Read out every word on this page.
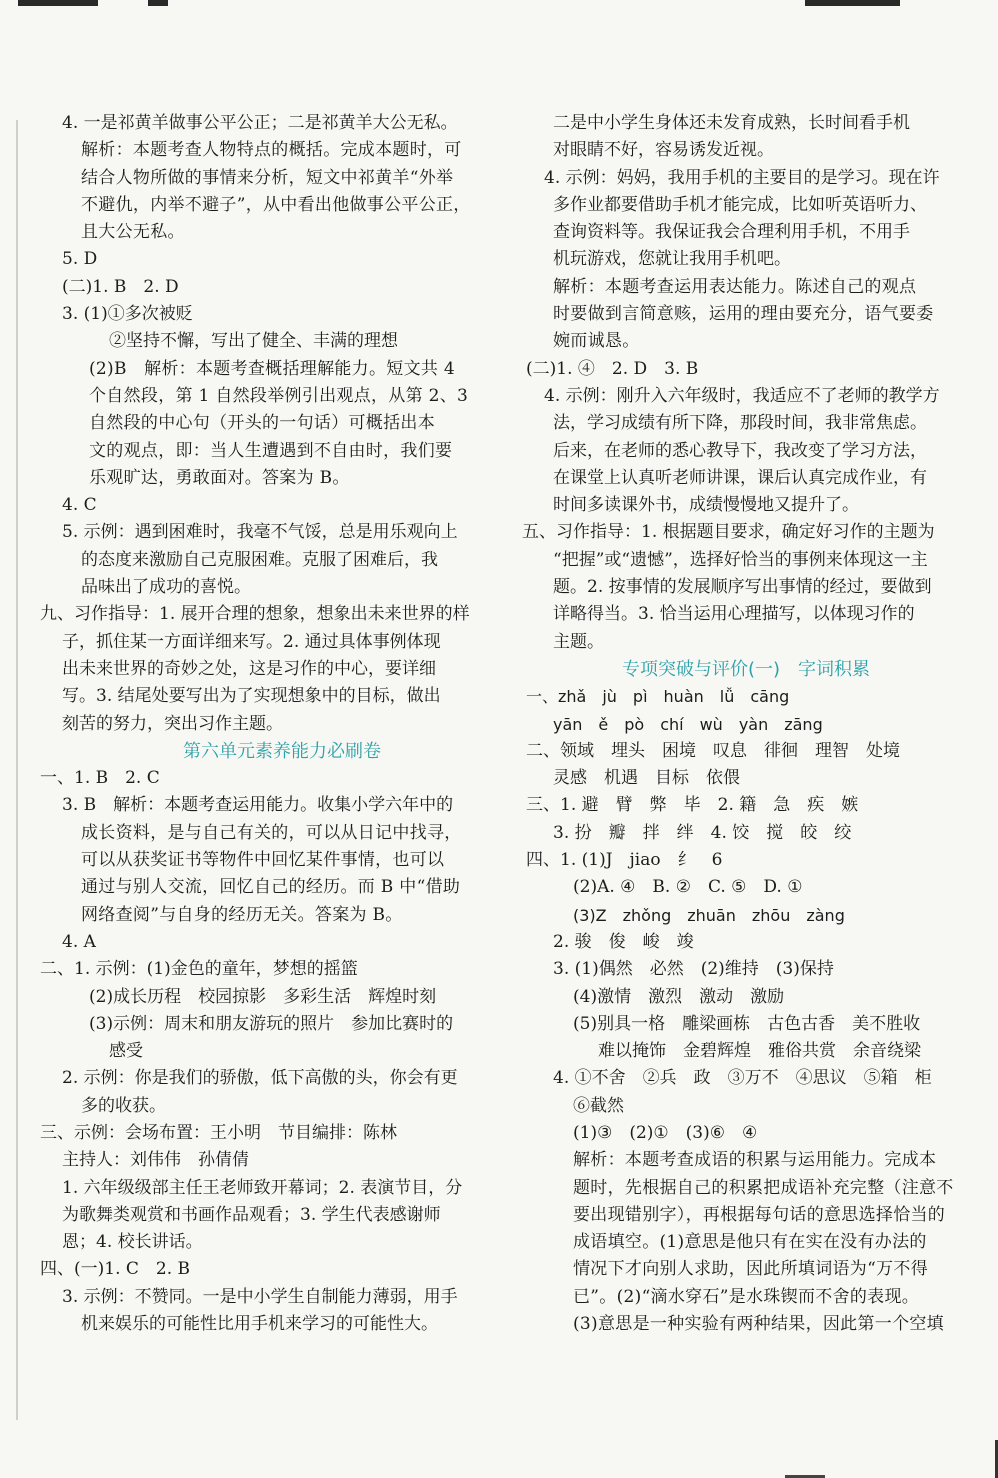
4. 一是祁黄羊做事公平公正；二是祁黄羊大公无私。
解析：本题考查人物特点的概括。完成本题时，可
结合人物所做的事情来分析，短文中祁黄羊“外举
不避仇，内举不避子”，从中看出他做事公平公正，
且大公无私。
5. D
(二)1. B　2. D
3. (1)①多次被贬
②坚持不懈，写出了健全、丰满的理想
(2)B　解析：本题考查概括理解能力。短文共 4
个自然段，第 1 自然段举例引出观点，从第 2、3
自然段的中心句（开头的一句话）可概括出本
文的观点，即：当人生遭遇到不自由时，我们要
乐观旷达，勇敢面对。答案为 B。
4. C
5. 示例：遇到困难时，我毫不气馁，总是用乐观向上
的态度来激励自己克服困难。克服了困难后，我
品味出了成功的喜悦。
九、习作指导：1. 展开合理的想象，想象出未来世界的样
子，抓住某一方面详细来写。2. 通过具体事例体现
出未来世界的奇妙之处，这是习作的中心，要详细
写。3. 结尾处要写出为了实现想象中的目标，做出
刻苦的努力，突出习作主题。
第六单元素养能力必刷卷
一、1. B　2. C
3. B　解析：本题考查运用能力。收集小学六年中的
成长资料，是与自己有关的，可以从日记中找寻，
可以从获奖证书等物件中回忆某件事情，也可以
通过与别人交流，回忆自己的经历。而 B 中“借助
网络查阅”与自身的经历无关。答案为 B。
4. A
二、1. 示例：(1)金色的童年，梦想的摇篮
(2)成长历程　校园掠影　多彩生活　辉煌时刻
(3)示例：周末和朋友游玩的照片　参加比赛时的
感受
2. 示例：你是我们的骄傲，低下高傲的头，你会有更
多的收获。
三、示例：会场布置：王小明　节目编排：陈林
主持人：刘伟伟　孙倩倩
1. 六年级级部主任王老师致开幕词；2. 表演节目，分
为歌舞类观赏和书画作品观看；3. 学生代表感谢师
恩；4. 校长讲话。
四、(一)1. C　2. B
3. 示例：不赞同。一是中小学生自制能力薄弱，用手
机来娱乐的可能性比用手机来学习的可能性大。
二是中小学生身体还未发育成熟，长时间看手机
对眼睛不好，容易诱发近视。
4. 示例：妈妈，我用手机的主要目的是学习。现在许
多作业都要借助手机才能完成，比如听英语听力、
查询资料等。我保证我会合理利用手机，不用手
机玩游戏，您就让我用手机吧。
解析：本题考查运用表达能力。陈述自己的观点
时要做到言简意赅，运用的理由要充分，语气要委
婉而诚恳。
(二)1. ④　2. D　3. B
4. 示例：刚升入六年级时，我适应不了老师的教学方
法，学习成绩有所下降，那段时间，我非常焦虑。
后来，在老师的悉心教导下，我改变了学习方法，
在课堂上认真听老师讲课，课后认真完成作业，有
时间多读课外书，成绩慢慢地又提升了。
五、习作指导：1. 根据题目要求，确定好习作的主题为
“把握”或“遗憾”，选择好恰当的事例来体现这一主
题。2. 按事情的发展顺序写出事情的经过，要做到
详略得当。3. 恰当运用心理描写，以体现习作的
主题。
专项突破与评价(一)　字词积累
一、zhǎ　jù　pì　huàn　lǚ　cāng
yān　ě　pò　chí　wù　yàn　zāng
二、领域　埋头　困境　叹息　徘徊　理智　处境
灵感　机遇　目标　依偎
三、1. 避　臂　弊　毕　2. 籍　急　疾　嫉
3. 扮　瓣　拌　绊　4. 饺　搅　皎　绞
四、1. (1)J　jiao　纟　6
(2)A. ④　B. ②　C. ⑤　D. ①
(3)Z　zhǒng　zhuān　zhōu　zàng
2. 骏　俊　峻　竣
3. (1)偶然　必然　(2)维持　(3)保持
(4)激情　激烈　激动　激励
(5)别具一格　雕梁画栋　古色古香　美不胜收
难以掩饰　金碧辉煌　雅俗共赏　余音绕梁
4. ①不舍　②兵　政　③万不　④思议　⑤箱　柜
⑥截然
(1)③　(2)①　(3)⑥　④
解析：本题考查成语的积累与运用能力。完成本
题时，先根据自己的积累把成语补充完整（注意不
要出现错别字），再根据每句话的意思选择恰当的
成语填空。(1)意思是他只有在实在没有办法的
情况下才向别人求助，因此所填词语为“万不得
已”。(2)“滴水穿石”是水珠锲而不舍的表现。
(3)意思是一种实验有两种结果，因此第一个空填
